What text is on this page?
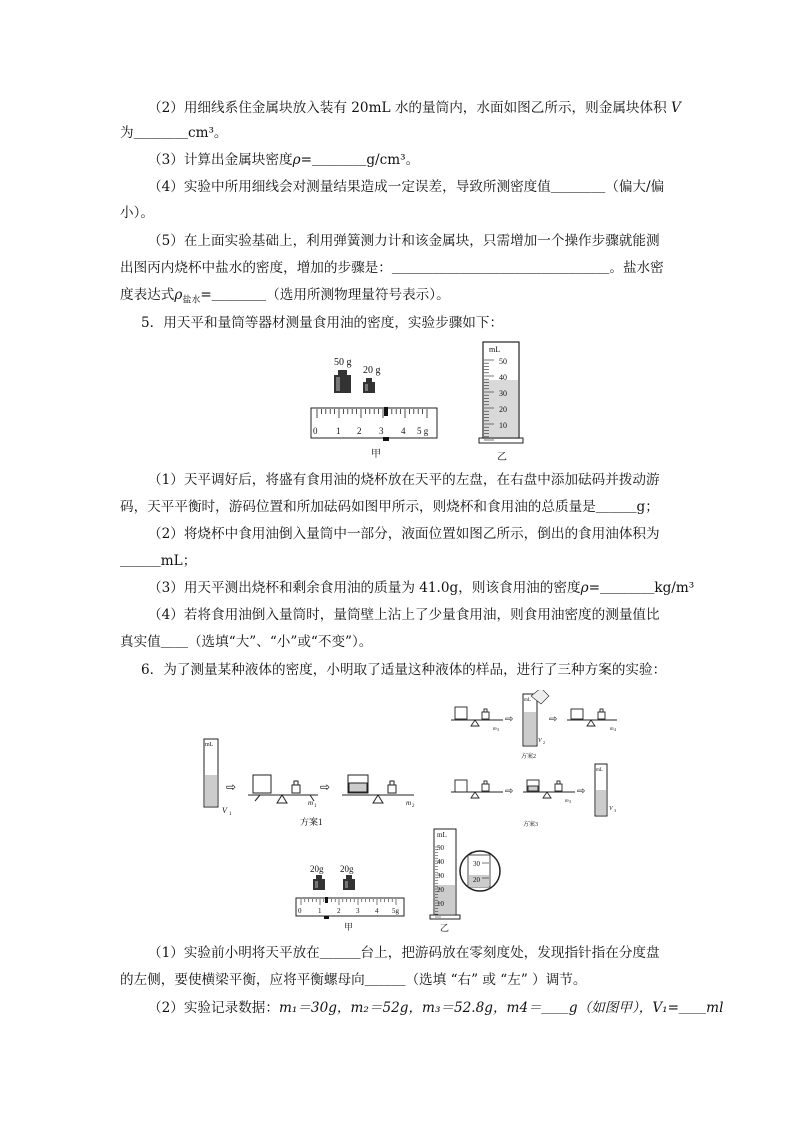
（2）用细线系住金属块放入装有 20mL 水的量筒内，水面如图乙所示，则金属块体积 V
为＿＿＿＿cm³。
（3）计算出金属块密度ρ=＿＿＿＿g/cm³。
（4）实验中所用细线会对测量结果造成一定误差，导致所测密度值＿＿＿＿（偏大/偏
小）。
（5）在上面实验基础上，利用弹簧测力计和该金属块，只需增加一个操作步骤就能测
出图丙内烧杯中盐水的密度，增加的步骤是：＿＿＿＿＿＿＿＿＿＿＿＿＿＿＿＿。盐水密
度表达式$\rho_{盐水}=\_\_\_\_$（选用所测物理量符号表示）。
5．用天平和量筒等器材测量食用油的密度，实验步骤如下：
50 g
20 g
0 1 2 3 4 5 g
甲
mL
50
40
30
20
10
乙
（1）天平调好后，将盛有食用油的烧杯放在天平的左盘，在右盘中添加砝码并拨动游
码，天平平衡时，游码位置和所加砝码如图甲所示，则烧杯和食用油的总质量是＿＿＿g；
（2）将烧杯中食用油倒入量筒中一部分，液面位置如图乙所示，倒出的食用油体积为
＿＿＿mL；
（3）用天平测出烧杯和剩余食用油的质量为 41.0g，则该食用油的密度ρ=＿＿＿＿kg/m³
（4）若将食用油倒入量筒时，量筒壁上沾上了少量食用油，则食用油密度的测量值比
真实值＿＿（选填“大”、“小”或“不变”）。
6．为了测量某种液体的密度，小明取了适量这种液体的样品，进行了三种方案的实验：
mL
V 1
⇨
m 1
⇨
m 2
方案1
m 3
⇨
mL
V 2
⇨
m 4
方案2
⇨
m 3
⇨
mL
V 3
方案3
20g 20g
0 1 2 3 4 5g
甲
mL
50
40
30
20
10
30
20
乙
（1）实验前小明将天平放在＿＿＿台上，把游码放在零刻度处，发现指针指在分度盘
的左侧，要使横梁平衡，应将平衡螺母向＿＿＿（选填 “右” 或 “左” ）调节。
（2）实验记录数据：m₁＝30g，m₂＝52g，m₃＝52.8g，m4＝＿＿g（如图甲），V₁=＿＿ml
